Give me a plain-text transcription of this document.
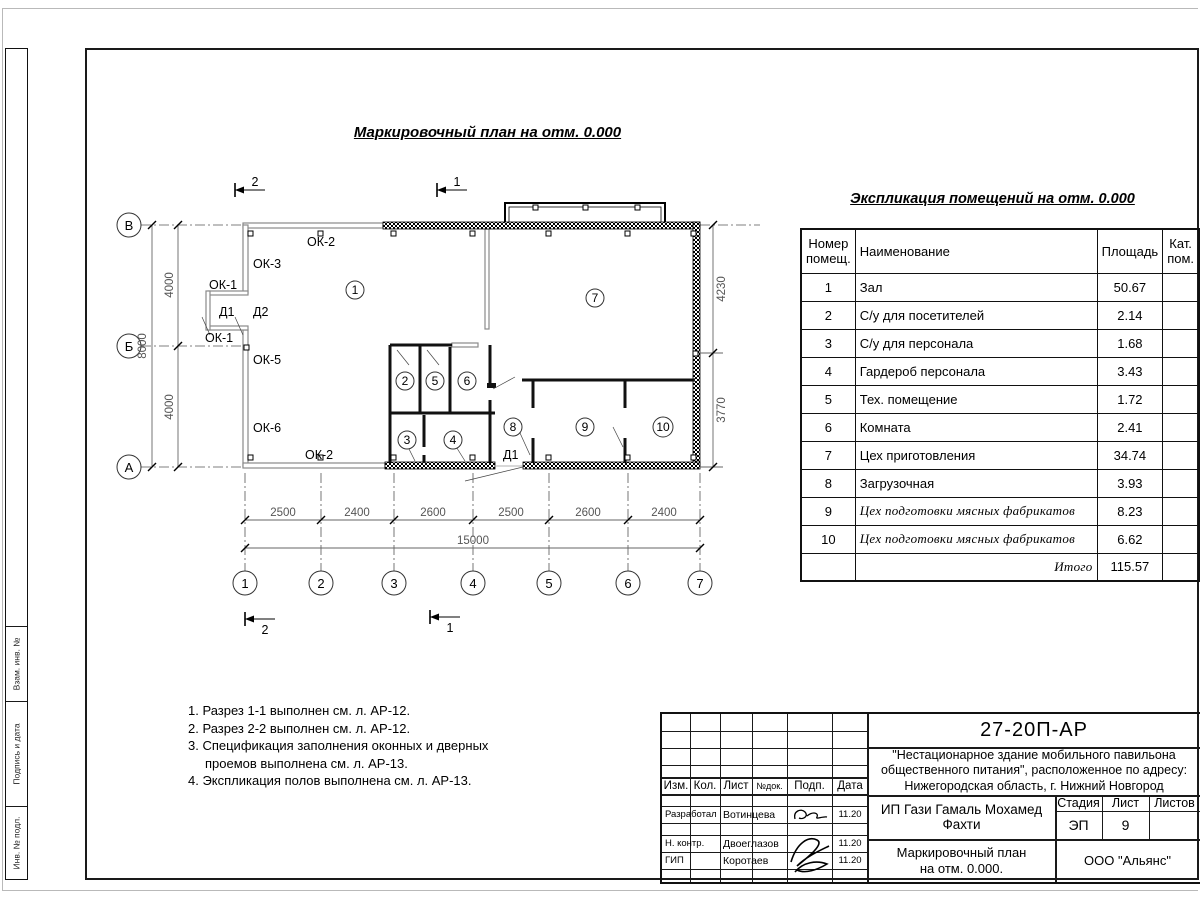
Взам. инв. №
Подпись и дата
Инв. № подл.
Маркировочный план на отм. 0.000
1
2
3	4
5 6
7
8	9	10
ОК-2
ОК-3
ОК-1
Д1 Д2
ОК-1
ОК-5
ОК-6
ОК-2	Д1
В
Б
А
4000
4000
8000
4230
3770
2500	2400	2600	2500	2600	2400
15000
1	2	3	4	5	6	7
2	1
2	1
Экспликация помещений на отм. 0.000
Номер помещ.	Наименование	Площадь	Кат. пом.
1	Зал	50.67	
2	С/у для посетителей	2.14	
3	С/у для персонала	1.68	
4	Гардероб персонала	3.43	
5	Тех. помещение	1.72	
6	Комната	2.41	
7	Цех приготовления	34.74	
8	Загрузочная	3.93	
9	Цех подготовки мясных фабрикатов	8.23	
10	Цех подготовки мясных фабрикатов	6.62	
	Итого	115.57	
1. Разрез 1-1 выполнен см. л. АР-12.
2. Разрез 2-2 выполнен см. л. АР-12.
3. Спецификация заполнения оконных и дверных
проемов выполнена см. л. АР-13.
4. Экспликация полов выполнена см. л. АР-13.	Изм. Кол. Лист №док.	Подп.	Дата
Разработал Вотинцева	11.20
Н. контр.	Двоеглазов	11.20
ГИП	Коротаев	11.20
27-20П-АР
"Нестационарное здание мобильного павильона общественного питания", расположенное по адресу: Нижегородская область, г. Нижний Новгород
ИП Гази Гамаль Мохамед Фахти
Стадия Лист	Листов
ЭП	9
Маркировочный план
на отм. 0.000.	ООО "Альянс"
